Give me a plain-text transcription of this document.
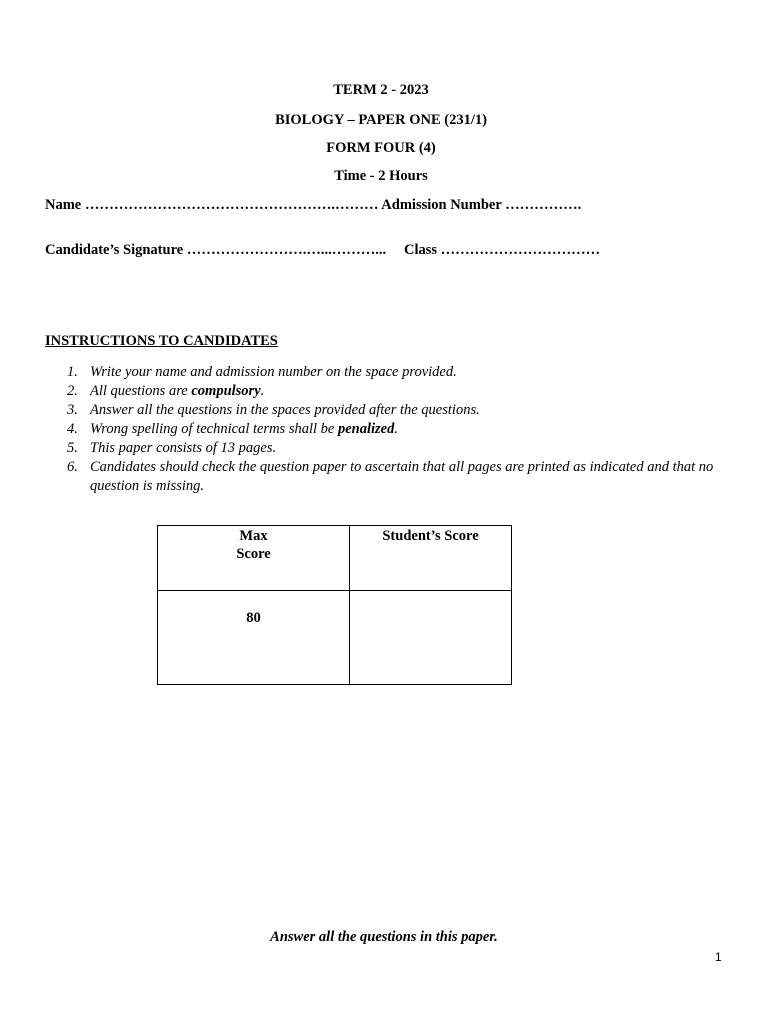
TERM 2 - 2023
BIOLOGY – PAPER ONE (231/1)
FORM FOUR (4)
Time - 2 Hours
Name …………………………………………….……… Admission Number …………….
Candidate’s Signature …………………….…...………... Class ……………………………
INSTRUCTIONS TO CANDIDATES
1. Write your name and admission number on the space provided.
2. All questions are compulsory.
3. Answer all the questions in the spaces provided after the questions.
4. Wrong spelling of technical terms shall be penalized.
5. This paper consists of 13 pages.
6. Candidates should check the question paper to ascertain that all pages are printed as indicated and that no question is missing.
Max
Score	Student’s Score

80	

Answer all the questions in this paper.
1
